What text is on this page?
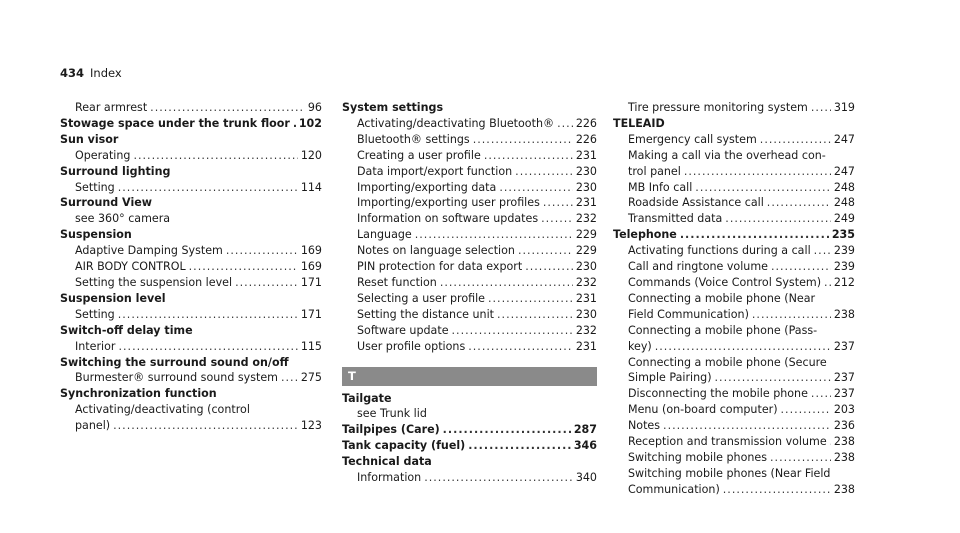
434 Index
Rear armrest .....	96
Stowage space under the trunk floor ..... 102
Sun visor
Operating .....	120
Surround lighting
Setting .....	114
Surround View
see 360° camera
Suspension
Adaptive Damping System .....	169
AIR BODY CONTROL .....	169
Setting the suspension level .....	171
Suspension level
Setting .....	171
Switch-off delay time
Interior .....	115
Switching the surround sound on/off
Burmester® surround sound system ..... 275
Synchronization function
Activating/deactivating (control
panel) .....	123
System settings
Activating/deactivating Bluetooth® ..... 226
Bluetooth® settings .....	226
Creating a user profile .....	231
Data import/export function .....	230
Importing/exporting data .....	230
Importing/exporting user profiles .....	231
Information on software updates .....	232
Language .....	229
Notes on language selection .....	229
PIN protection for data export .....	230
Reset function .....	232
Selecting a user profile .....	231
Setting the distance unit .....	230
Software update .....	232
User profile options .....	231
T
Tailgate
see Trunk lid
Tailpipes (Care) .....	287
Tank capacity (fuel) .....	346
Technical data
Information .....	340
Tire pressure monitoring system ..... 319
TELEAID
Emergency call system .....	247
Making a call via the overhead con-
trol panel .....	247
MB Info call .....	248
Roadside Assistance call .....	248
Transmitted data .....	249
Telephone .....	235
Activating functions during a call ..... 239
Call and ringtone volume .....	239
Commands (Voice Control System) ..... 212
Connecting a mobile phone (Near
Field Communication) .....	238
Connecting a mobile phone (Pass-
key) .....	237
Connecting a mobile phone (Secure
Simple Pairing) .....	237
Disconnecting the mobile phone ..... 237
Menu (on-board computer) .....	203
Notes .....	236
Reception and transmission volume ..... 238
Switching mobile phones .....	238
Switching mobile phones (Near Field
Communication) .....	238
